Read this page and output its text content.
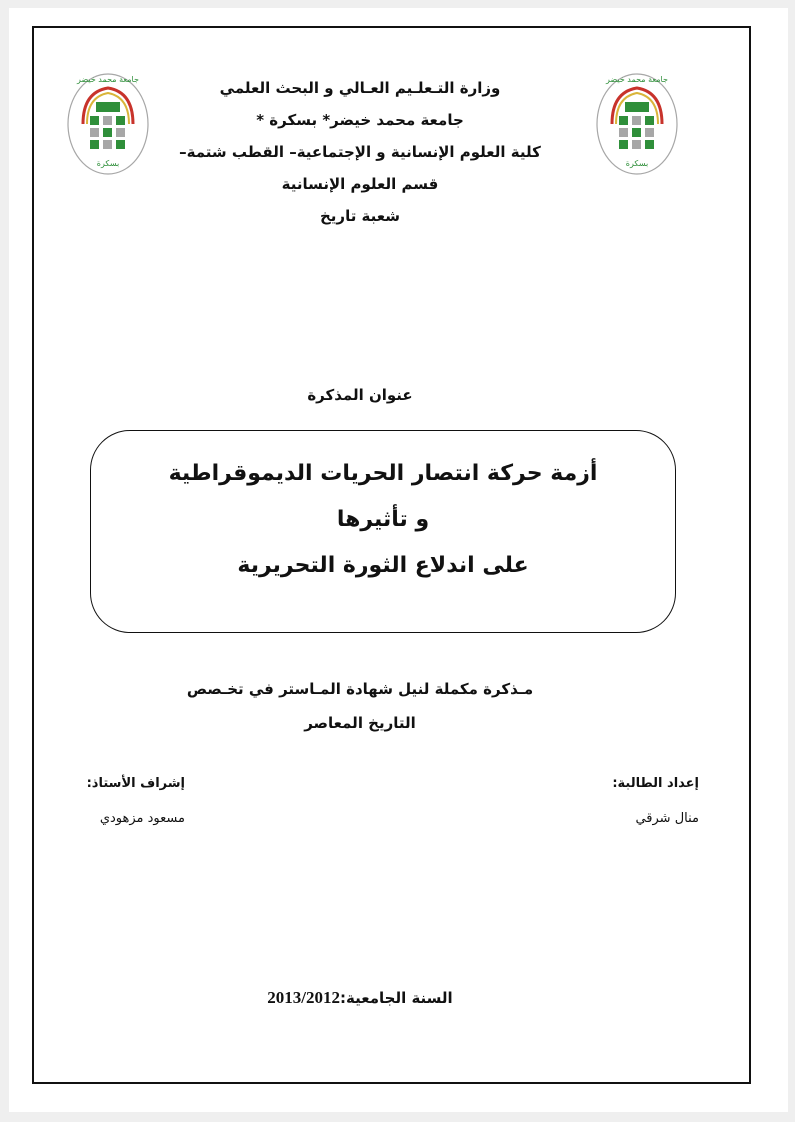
جامعة محمد خيضر
بسكرة
جامعة محمد خيضر
بسكرة
وزارة التـعلـيم العـالي و البحث العلمي
جامعة محمد خيضر* بسكرة *
كلية العلوم الإنسانية و الإجتماعية– القطب شتمة–
قسم العلوم الإنسانية
شعبة تاريخ
عنوان المذكرة
أزمة حركة انتصار الحريات الديموقراطية
و تأثيرها
على اندلاع الثورة التحريرية
مـذكرة مكملة لنيل شهادة المـاستر في تخـصص
التاريخ المعاصر
إعداد الطالبة:
منال شرقي
إشراف الأستاذ:
مسعود مزهودي
السنة الجامعية:2013/2012
